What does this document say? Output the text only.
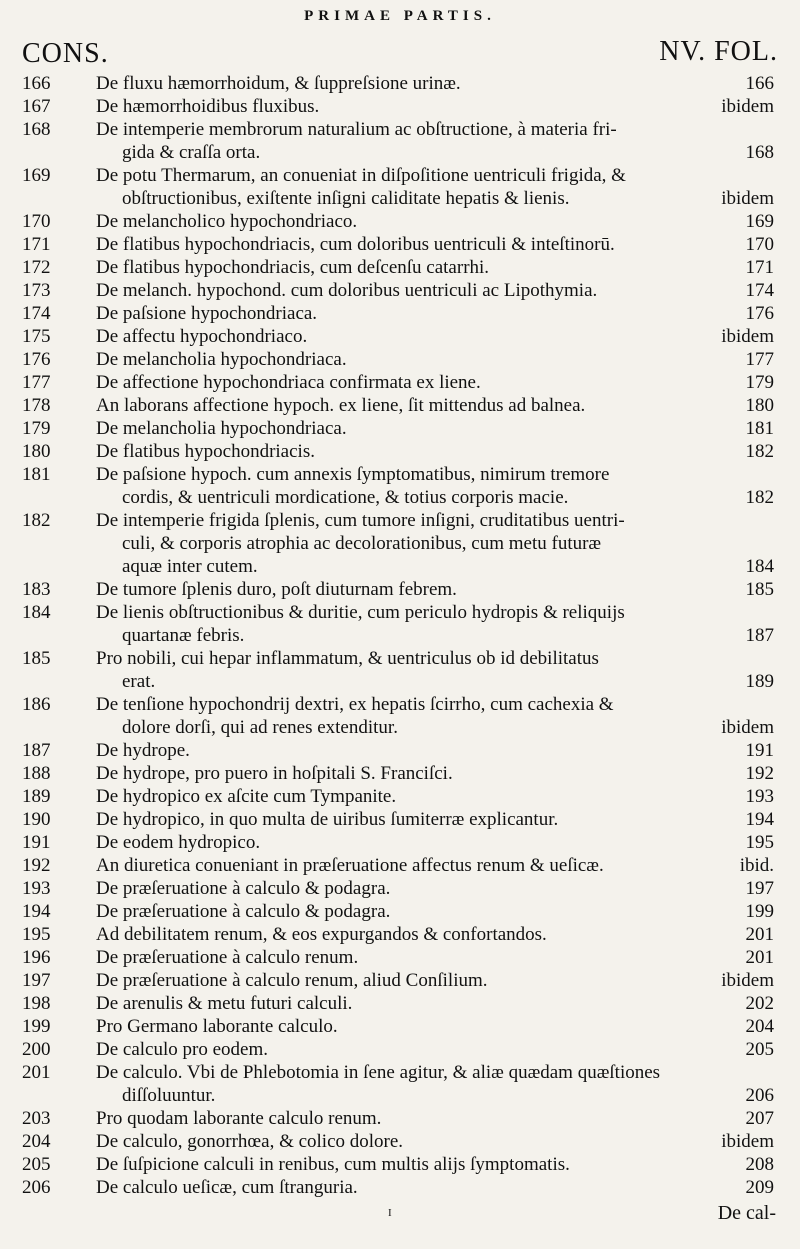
PRIMAE PARTIS.
CONS.	NV. FOL.
166	De fluxu hæmorrhoidum, & ſuppreſsione urinæ.	166
167	De hæmorrhoidibus fluxibus.	ibidem
168	De intemperie membrorum naturalium ac obſtructione, à materia fri-
gida & craſſa orta.	168
169	De potu Thermarum, an conueniat in diſpoſitione uentriculi frigida, &
obſtructionibus, exiſtente inſigni caliditate hepatis & lienis.	ibidem
170	De melancholico hypochondriaco.	169
171	De flatibus hypochondriacis, cum doloribus uentriculi & inteſtinorū.	170
172	De flatibus hypochondriacis, cum deſcenſu catarrhi.	171
173	De melanch. hypochond. cum doloribus uentriculi ac Lipothymia.	174
174	De paſsione hypochondriaca.	176
175	De affectu hypochondriaco.	ibidem
176	De melancholia hypochondriaca.	177
177	De affectione hypochondriaca confirmata ex liene.	179
178	An laborans affectione hypoch. ex liene, ſit mittendus ad balnea.	180
179	De melancholia hypochondriaca.	181
180	De flatibus hypochondriacis.	182
181	De paſsione hypoch. cum annexis ſymptomatibus, nimirum tremore
cordis, & uentriculi mordicatione, & totius corporis macie.	182
182	De intemperie frigida ſplenis, cum tumore inſigni, cruditatibus uentri-
culi, & corporis atrophia ac decolorationibus, cum metu futuræ
aquæ inter cutem.	184
183	De tumore ſplenis duro, poſt diuturnam febrem.	185
184	De lienis obſtructionibus & duritie, cum periculo hydropis & reliquijs
quartanæ febris.	187
185	Pro nobili, cui hepar inflammatum, & uentriculus ob id debilitatus
erat.	189
186	De tenſione hypochondrij dextri, ex hepatis ſcirrho, cum cachexia &
dolore dorſi, qui ad renes extenditur.	ibidem
187	De hydrope.	191
188	De hydrope, pro puero in hoſpitali S. Franciſci.	192
189	De hydropico ex aſcite cum Tympanite.	193
190	De hydropico, in quo multa de uiribus ſumiterræ explicantur.	194
191	De eodem hydropico.	195
192	An diuretica conueniant in præſeruatione affectus renum & ueſicæ.	ibid.
193	De præſeruatione à calculo & podagra.	197
194	De præſeruatione à calculo & podagra.	199
195	Ad debilitatem renum, & eos expurgandos & confortandos.	201
196	De præſeruatione à calculo renum.	201
197	De præſeruatione à calculo renum, aliud Conſilium.	ibidem
198	De arenulis & metu futuri calculi.	202
199	Pro Germano laborante calculo.	204
200	De calculo pro eodem.	205
201	De calculo. Vbi de Phlebotomia in ſene agitur, & aliæ quædam quæſtiones
diſſoluuntur.	206
203	Pro quodam laborante calculo renum.	207
204	De calculo, gonorrhœa, & colico dolore.	ibidem
205	De ſuſpicione calculi in renibus, cum multis alijs ſymptomatis.	208
206	De calculo ueſicæ, cum ſtranguria.	209
I	De cal-
